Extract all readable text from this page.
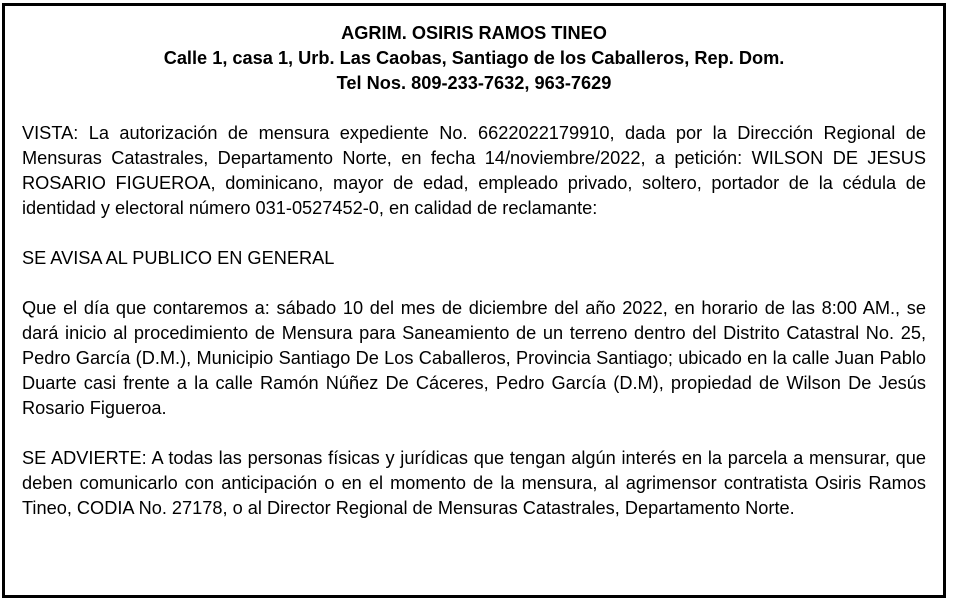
AGRIM. OSIRIS RAMOS TINEO
Calle 1, casa 1, Urb. Las Caobas, Santiago de los Caballeros, Rep. Dom.
Tel Nos. 809-233-7632, 963-7629

VISTA: La autorización de mensura expediente No. 6622022179910, dada por la Dirección Regional de Mensuras Catastrales, Departamento Norte, en fecha 14/noviembre/2022, a petición: WILSON DE JESUS ROSARIO FIGUEROA, dominicano, mayor de edad, empleado privado, soltero, portador de la cédula de identidad y electoral número 031-0527452-0, en calidad de reclamante:

SE AVISA AL PUBLICO EN GENERAL

Que el día que contaremos a: sábado 10 del mes de diciembre del año 2022, en horario de las 8:00 AM., se dará inicio al procedimiento de Mensura para Saneamiento de un terreno dentro del Distrito Catastral No. 25, Pedro García (D.M.), Municipio Santiago De Los Caballeros, Provincia Santiago; ubicado en la calle Juan Pablo Duarte casi frente a la calle Ramón Núñez De Cáceres, Pedro García (D.M), propiedad de Wilson De Jesús Rosario Figueroa.

SE ADVIERTE: A todas las personas físicas y jurídicas que tengan algún interés en la parcela a mensurar, que deben comunicarlo con anticipación o en el momento de la mensura, al agrimensor contratista Osiris Ramos Tineo, CODIA No. 27178, o al Director Regional de Mensuras Catastrales, Departamento Norte.
